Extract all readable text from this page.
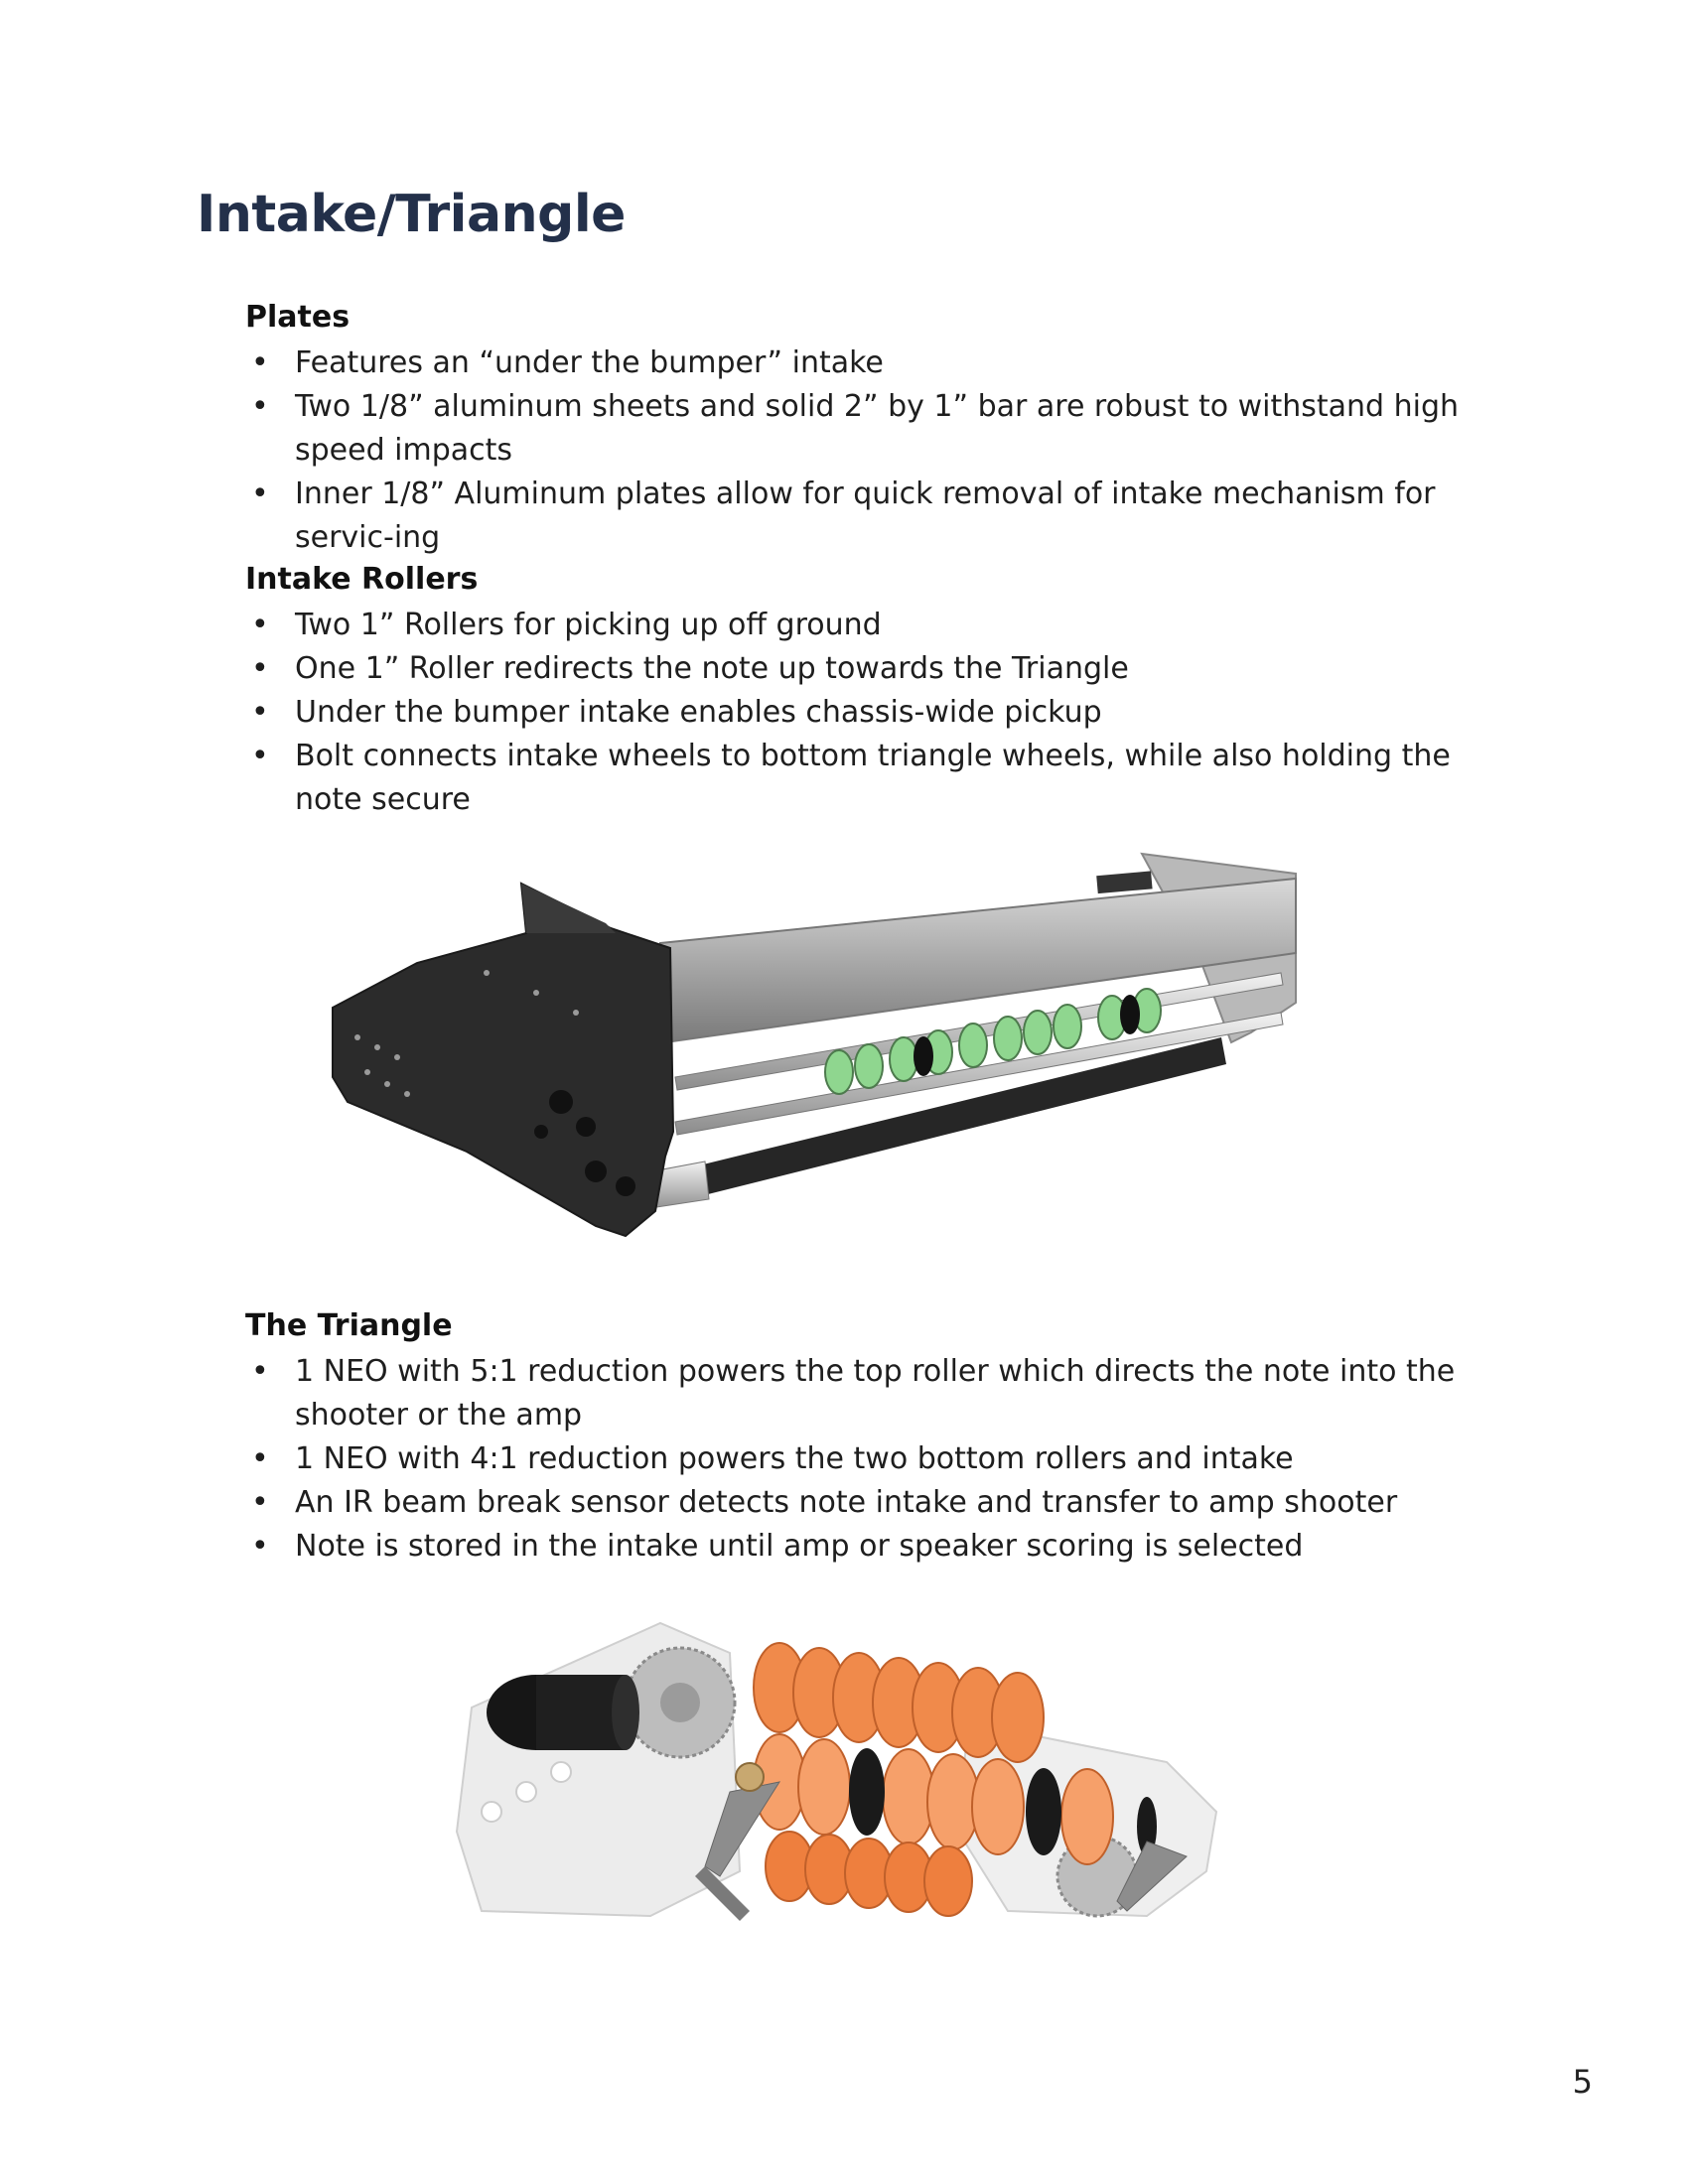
Intake/Triangle
Plates
• Features an “under the bumper” intake
• Two 1/8” aluminum sheets and solid 2” by 1” bar are robust to withstand high speed impacts
• Inner 1/8” Aluminum plates allow for quick removal of intake mechanism for servic-ing
Intake Rollers
• Two 1” Rollers for picking up off ground
• One 1” Roller redirects the note up towards the Triangle
• Under the bumper intake enables chassis-wide pickup
• Bolt connects intake wheels to bottom triangle wheels, while also holding the note secure
The Triangle
• 1 NEO with 5:1 reduction powers the top roller which directs the note into the shooter or the amp
• 1 NEO with 4:1 reduction powers the two bottom rollers and intake
• An IR beam break sensor detects note intake and transfer to amp shooter
• Note is stored in the intake until amp or speaker scoring is selected
5
